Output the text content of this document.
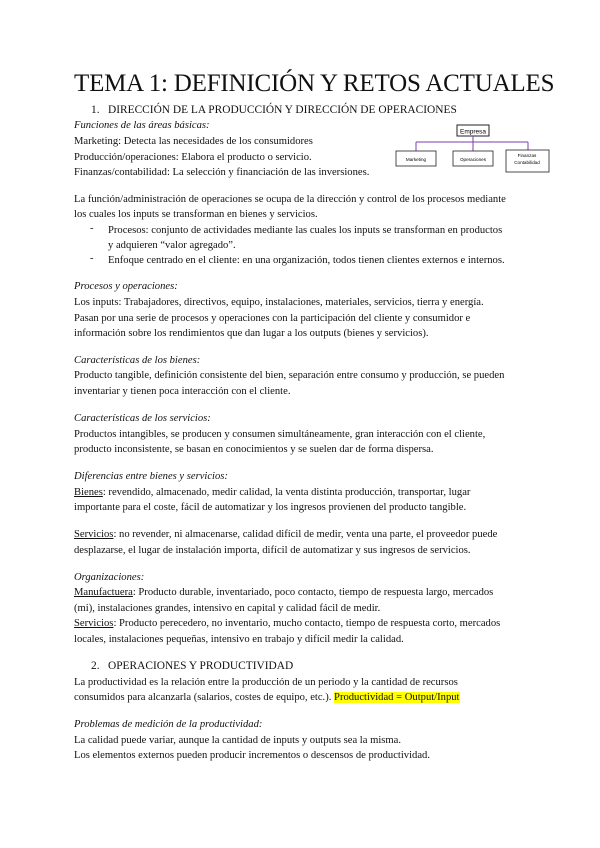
TEMA 1: DEFINICIÓN Y RETOS ACTUALES
1. DIRECCIÓN DE LA PRODUCCIÓN Y DIRECCIÓN DE OPERACIONES
Funciones de las áreas básicas:
Marketing: Detecta las necesidades de los consumidores
Producción/operaciones: Elabora el producto o servicio.
Finanzas/contabilidad: La selección y financiación de las inversiones.
Empresa
Marketing	Operaciones
Finanzas
Contabilidad
La función/administración de operaciones se ocupa de la dirección y control de los procesos mediante
los cuales los inputs se transforman en bienes y servicios.
- Procesos: conjunto de actividades mediante las cuales los inputs se transforman en productos
y adquieren “valor agregado”.
- Enfoque centrado en el cliente: en una organización, todos tienen clientes externos e internos.
Procesos y operaciones:
Los inputs: Trabajadores, directivos, equipo, instalaciones, materiales, servicios, tierra y energía.
Pasan por una serie de procesos y operaciones con la participación del cliente y consumidor e
información sobre los rendimientos que dan lugar a los outputs (bienes y servicios).
Características de los bienes:
Producto tangible, definición consistente del bien, separación entre consumo y producción, se pueden
inventariar y tienen poca interacción con el cliente.
Características de los servicios:
Productos intangibles, se producen y consumen simultáneamente, gran interacción con el cliente,
producto inconsistente, se basan en conocimientos y se suelen dar de forma dispersa.
Diferencias entre bienes y servicios:
Bienes: revendido, almacenado, medir calidad, la venta distinta producción, transportar, lugar
importante para el coste, fácil de automatizar y los ingresos provienen del producto tangible.
Servicios: no revender, ni almacenarse, calidad difícil de medir, venta una parte, el proveedor puede
desplazarse, el lugar de instalación importa, difícil de automatizar y sus ingresos de servicios.
Organizaciones:
Manufactuera: Producto durable, inventariado, poco contacto, tiempo de respuesta largo, mercados
(mi), instalaciones grandes, intensivo en capital y calidad fácil de medir.
Servicios: Producto perecedero, no inventario, mucho contacto, tiempo de respuesta corto, mercados
locales, instalaciones pequeñas, intensivo en trabajo y difícil medir la calidad.
2. OPERACIONES Y PRODUCTIVIDAD
La productividad es la relación entre la producción de un periodo y la cantidad de recursos
consumidos para alcanzarla (salarios, costes de equipo, etc.). Productividad = Output/Input
Problemas de medición de la productividad:
La calidad puede variar, aunque la cantidad de inputs y outputs sea la misma.
Los elementos externos pueden producir incrementos o descensos de productividad.
